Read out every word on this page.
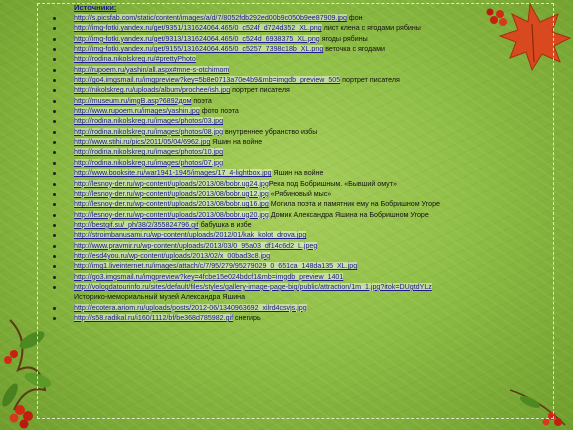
Источники:
http://s.picsfab.com/static/content/images/a/d/7/8052fdb292ed00b9c050b9ee87909.jpg фон
http://img-fotki.yandex.ru/get/9351/131624064.465/0_c524f_d724d352_XL.png лист клена с ягодами рябины
http://img-fotki.yandex.ru/get/9313/131624064.465/0_c524d_6938375_XL.png ягоды рябины
http://img-fotki.yandex.ru/get/9155/131624064.465/0_c5257_7398c18b_XL.png веточка с ягодами
http://rodina.nikolskreg.ru/#prettyPhoto
http://rupoem.ru/yashin/all.aspx#mne-s-otchimom
http://go4.imgsmail.ru/imgpreview?key=5b8e0713a70e4b9&mb=imgdb_preview_505 портрет писателя
http://nikolskreg.ru/uploads/album/prochee/ish.jpg портрет писателя
http://museum.ru/imgB.asp?6892дом поэта
http://www.rupoem.ru/images/yashin.jpg фото поэта
http://rodina.nikolskreg.ru/images/photos/03.jpg
http://rodina.nikolskreg.ru/images/photos/08.jpg внутреннее убранство избы
http://www.stihi.ru/pics/2011/05/04/6962.jpg Яшин на войне
http://rodina.nikolskreg.ru/images/photos/10.jpg
http://rodina.nikolskreg.ru/images/photos/07.jpg
http://www.booksite.ru/war1941-1945/images/17_4-lightbox.jpg Яшин на войне
http://lesnoy-der.ru/wp-content/uploads/2013/08/bobr.ug24.jpgРека под Бобришным. «Бывший омут»
http://lesnoy-der.ru/wp-content/uploads/2013/08/bobr.ug12.jpg «Рябиновый мыс»
http://lesnoy-der.ru/wp-content/uploads/2013/08/bobr.ug16.jpg Могила поэта и памятник ему на Бобришном Угоре
http://lesnoy-der.ru/wp-content/uploads/2013/08/bobr.ug20.jpg Домик Александра Яшина на Бобришном Угоре
http://bestgif.su/_ph/38/2/355824796.gif бабушка в избе
http://stroimbanusami.ru/wp-content/uploads/2012/01/kak_kolot_drova.jpg
http://www.pravmir.ru/wp-content/uploads/2013/03/0_95a03_df14c6d2_L.jpeg
http://esd4you.ru/wp-content/uploads/2013/02/x_00bad3c8.jpg
http://img1.liveinternet.ru/images/attach/c/7/95/279/95279029_0_651ca_148da135_XL.jpg
http://go3.imgsmail.ru/imgpreview?key=4fcbe15e024bdcf1&mb=imgdb_preview_1401
http://vologdatourinfo.ru/sites/default/files/styles/gallery-image-page-big/public/attraction/1m_1.jpg?itok=DUgtdYLz
Историко-мемориальный музей Александра Яшина
http://ecotera.ariom.ru/uploads/posts/2012-06/1340963692_xilrd4csvjs.jpg
http://s58.radikal.ru/i160/1112/bf/be368d785982.gif снегирь
